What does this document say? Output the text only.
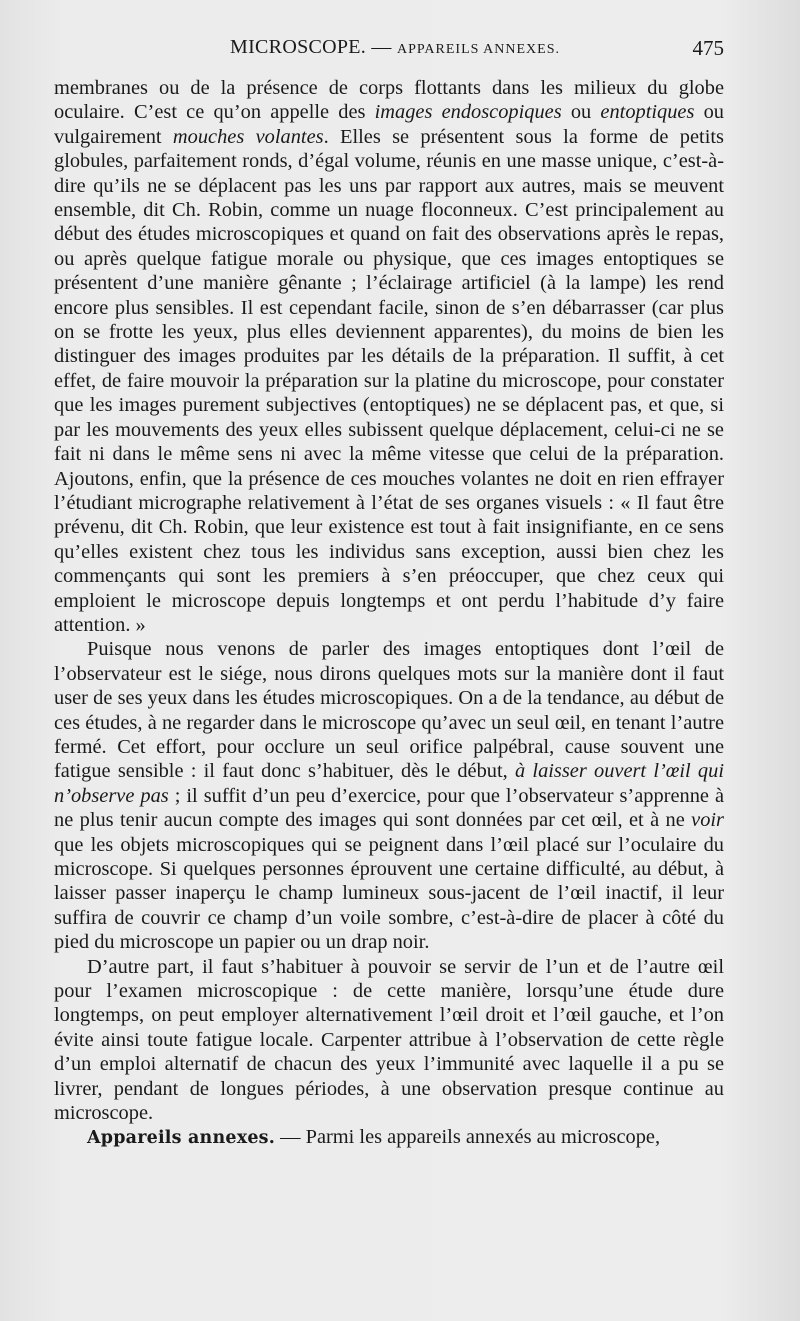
MICROSCOPE. — APPAREILS ANNEXES.	475

membranes ou de la présence de corps flottants dans les milieux du globe oculaire. C’est ce qu’on appelle des images endoscopiques ou entoptiques ou vulgairement mouches volantes. Elles se présentent sous la forme de petits globules, parfaitement ronds, d’égal volume, réunis en une masse unique, c’est-à-dire qu’ils ne se déplacent pas les uns par rapport aux autres, mais se meuvent ensemble, dit Ch. Robin, comme un nuage floconneux. C’est principalement au début des études microscopiques et quand on fait des observations après le repas, ou après quelque fatigue morale ou physique, que ces images entoptiques se présentent d’une manière gênante ; l’éclairage artificiel (à la lampe) les rend encore plus sensibles. Il est cependant facile, sinon de s’en débarrasser (car plus on se frotte les yeux, plus elles deviennent apparentes), du moins de bien les distinguer des images produites par les détails de la préparation. Il suffit, à cet effet, de faire mouvoir la préparation sur la platine du microscope, pour constater que les images purement subjectives (entoptiques) ne se déplacent pas, et que, si par les mouvements des yeux elles subissent quelque déplacement, celui-ci ne se fait ni dans le même sens ni avec la même vitesse que celui de la préparation. Ajoutons, enfin, que la présence de ces mouches volantes ne doit en rien effrayer l’étudiant micrographe relativement à l’état de ses organes visuels : « Il faut être prévenu, dit Ch. Robin, que leur existence est tout à fait insignifiante, en ce sens qu’elles existent chez tous les individus sans exception, aussi bien chez les commençants qui sont les premiers à s’en préoccuper, que chez ceux qui emploient le microscope depuis longtemps et ont perdu l’habitude d’y faire attention. »

Puisque nous venons de parler des images entoptiques dont l’œil de l’observateur est le siége, nous dirons quelques mots sur la manière dont il faut user de ses yeux dans les études microscopiques. On a de la tendance, au début de ces études, à ne regarder dans le microscope qu’avec un seul œil, en tenant l’autre fermé. Cet effort, pour occlure un seul orifice palpébral, cause souvent une fatigue sensible : il faut donc s’habituer, dès le début, à laisser ouvert l’œil qui n’observe pas ; il suffit d’un peu d’exercice, pour que l’observateur s’apprenne à ne plus tenir aucun compte des images qui sont données par cet œil, et à ne voir que les objets microscopiques qui se peignent dans l’œil placé sur l’oculaire du microscope. Si quelques personnes éprouvent une certaine difficulté, au début, à laisser passer inaperçu le champ lumineux sous-jacent de l’œil inactif, il leur suffira de couvrir ce champ d’un voile sombre, c’est-à-dire de placer à côté du pied du microscope un papier ou un drap noir.

D’autre part, il faut s’habituer à pouvoir se servir de l’un et de l’autre œil pour l’examen microscopique : de cette manière, lorsqu’une étude dure longtemps, on peut employer alternativement l’œil droit et l’œil gauche, et l’on évite ainsi toute fatigue locale. Carpenter attribue à l’observation de cette règle d’un emploi alternatif de chacun des yeux l’immunité avec laquelle il a pu se livrer, pendant de longues périodes, à une observation presque continue au microscope.

Appareils annexes. — Parmi les appareils annexés au microscope,
